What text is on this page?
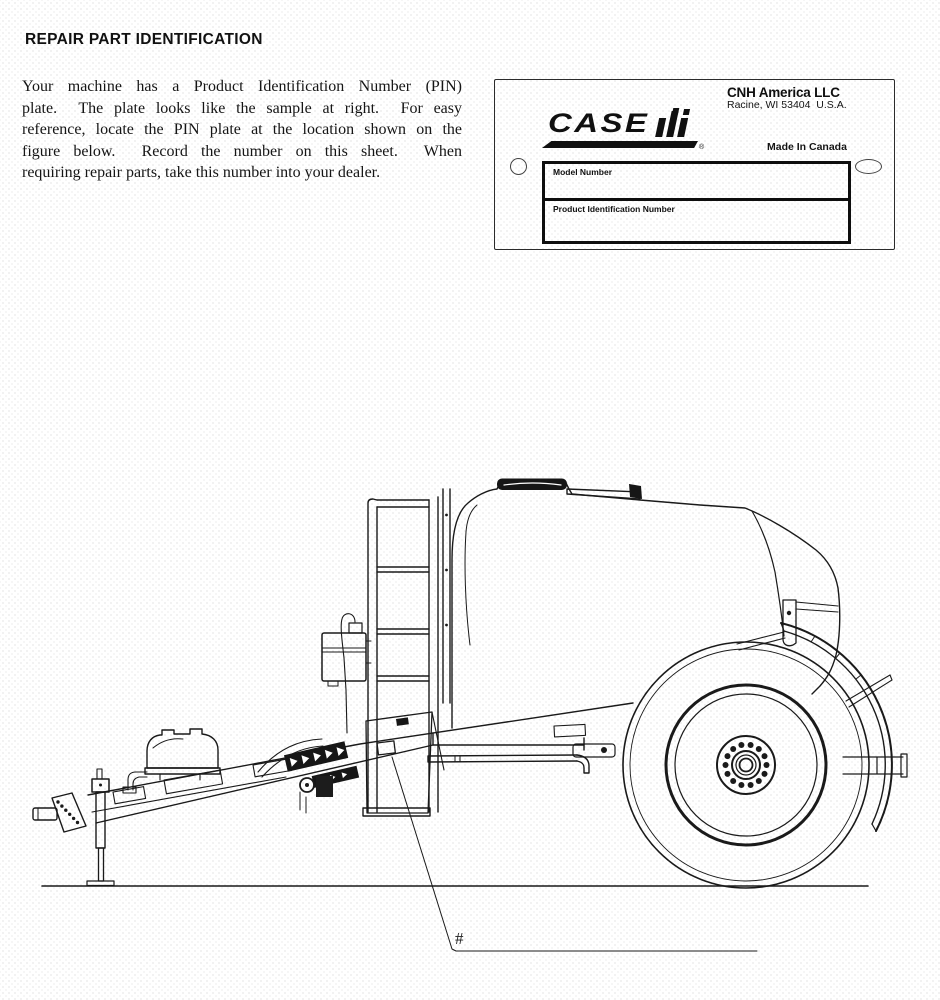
REPAIR PART IDENTIFICATION
Your machine has a Product Identification Number (PIN)
plate.  The plate looks like the sample at right.  For easy
reference, locate the PIN plate at the location shown on the
figure below.  Record the number on this sheet.  When
requiring repair parts, take this number into your dealer.
CNH America LLC
Racine, WI 53404  U.S.A.
Made In Canada
CASE
®
Model Number
Product Identification Number
#
